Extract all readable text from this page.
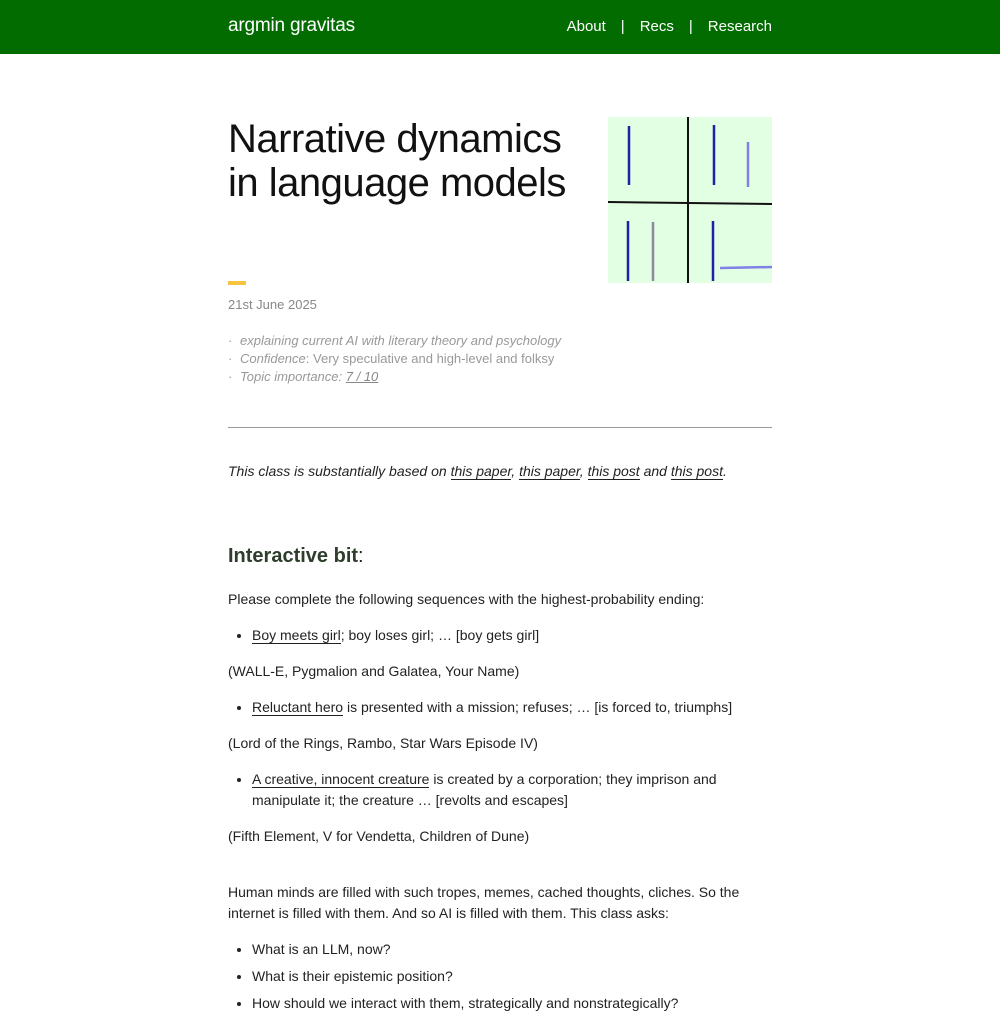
argmin gravitas	About | Recs | Research
Narrative dynamics in language models
21st June 2025
· explaining current AI with literary theory and psychology
· Confidence: Very speculative and high-level and folksy
· Topic importance: 7 / 10

This class is substantially based on this paper, this paper, this post and this post.

Interactive bit:

Please complete the following sequences with the highest-probability ending:

• Boy meets girl; boy loses girl; … [boy gets girl]

(WALL-E, Pygmalion and Galatea, Your Name)

• Reluctant hero is presented with a mission; refuses; … [is forced to, triumphs]

(Lord of the Rings, Rambo, Star Wars Episode IV)

• A creative, innocent creature is created by a corporation; they imprison and manipulate it; the creature … [revolts and escapes]

(Fifth Element, V for Vendetta, Children of Dune)

Human minds are filled with such tropes, memes, cached thoughts, cliches. So the internet is filled with them. And so AI is filled with them. This class asks:

• What is an LLM, now?
• What is their epistemic position?
• How should we interact with them, strategically and nonstrategically?
